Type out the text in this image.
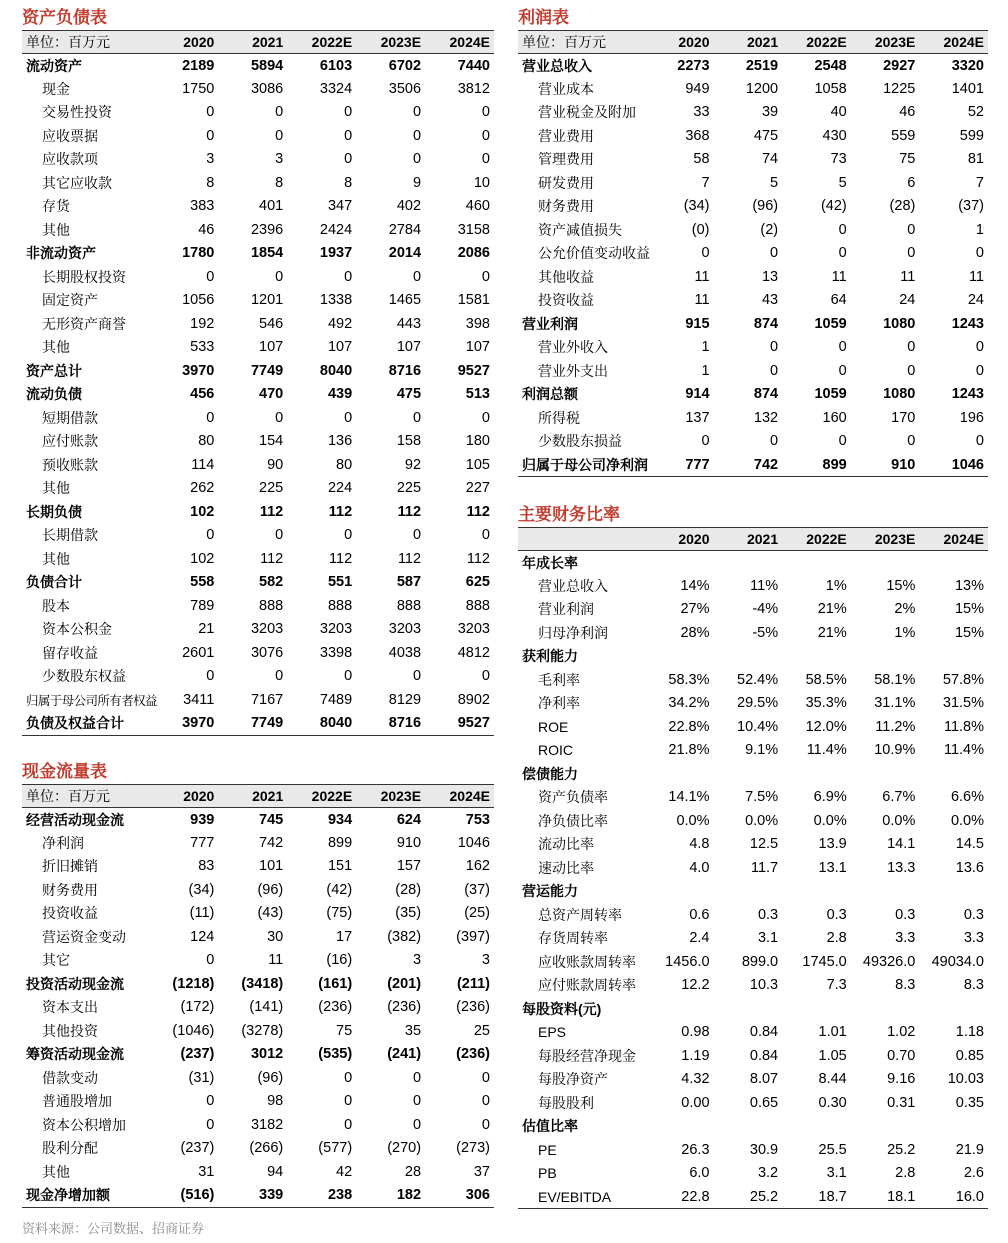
资产负债表
单位：百万元	2020	2021	2022E	2023E	2024E
流动资产	2189	5894	6103	6702	7440
现金	1750	3086	3324	3506	3812
交易性投资	0	0	0	0	0
应收票据	0	0	0	0	0
应收款项	3	3	0	0	0
其它应收款	8	8	8	9	10
存货	383	401	347	402	460
其他	46	2396	2424	2784	3158
非流动资产	1780	1854	1937	2014	2086
长期股权投资	0	0	0	0	0
固定资产	1056	1201	1338	1465	1581
无形资产商誉	192	546	492	443	398
其他	533	107	107	107	107
资产总计	3970	7749	8040	8716	9527
流动负债	456	470	439	475	513
短期借款	0	0	0	0	0
应付账款	80	154	136	158	180
预收账款	114	90	80	92	105
其他	262	225	224	225	227
长期负债	102	112	112	112	112
长期借款	0	0	0	0	0
其他	102	112	112	112	112
负债合计	558	582	551	587	625
股本	789	888	888	888	888
资本公积金	21	3203	3203	3203	3203
留存收益	2601	3076	3398	4038	4812
少数股东权益	0	0	0	0	0
归属于母公司所有者权益	3411	7167	7489	8129	8902
负债及权益合计	3970	7749	8040	8716	9527
现金流量表
单位：百万元	2020	2021	2022E	2023E	2024E
经营活动现金流	939	745	934	624	753
净利润	777	742	899	910	1046
折旧摊销	83	101	151	157	162
财务费用	(34)	(96)	(42)	(28)	(37)
投资收益	(11)	(43)	(75)	(35)	(25)
营运资金变动	124	30	17	(382)	(397)
其它	0	11	(16)	3	3
投资活动现金流	(1218)	(3418)	(161)	(201)	(211)
资本支出	(172)	(141)	(236)	(236)	(236)
其他投资	(1046)	(3278)	75	35	25
筹资活动现金流	(237)	3012	(535)	(241)	(236)
借款变动	(31)	(96)	0	0	0
普通股增加	0	98	0	0	0
资本公积增加	0	3182	0	0	0
股利分配	(237)	(266)	(577)	(270)	(273)
其他	31	94	42	28	37
现金净增加额	(516)	339	238	182	306
利润表
单位：百万元	2020	2021	2022E	2023E	2024E
营业总收入	2273	2519	2548	2927	3320
营业成本	949	1200	1058	1225	1401
营业税金及附加	33	39	40	46	52
营业费用	368	475	430	559	599
管理费用	58	74	73	75	81
研发费用	7	5	5	6	7
财务费用	(34)	(96)	(42)	(28)	(37)
资产减值损失	(0)	(2)	0	0	1
公允价值变动收益	0	0	0	0	0
其他收益	11	13	11	11	11
投资收益	11	43	64	24	24
营业利润	915	874	1059	1080	1243
营业外收入	1	0	0	0	0
营业外支出	1	0	0	0	0
利润总额	914	874	1059	1080	1243
所得税	137	132	160	170	196
少数股东损益	0	0	0	0	0
归属于母公司净利润	777	742	899	910	1046
主要财务比率
	2020	2021	2022E	2023E	2024E
年成长率					
营业总收入	14%	11%	1%	15%	13%
营业利润	27%	-4%	21%	2%	15%
归母净利润	28%	-5%	21%	1%	15%
获利能力					
毛利率	58.3%	52.4%	58.5%	58.1%	57.8%
净利率	34.2%	29.5%	35.3%	31.1%	31.5%
ROE	22.8%	10.4%	12.0%	11.2%	11.8%
ROIC	21.8%	9.1%	11.4%	10.9%	11.4%
偿债能力					
资产负债率	14.1%	7.5%	6.9%	6.7%	6.6%
净负债比率	0.0%	0.0%	0.0%	0.0%	0.0%
流动比率	4.8	12.5	13.9	14.1	14.5
速动比率	4.0	11.7	13.1	13.3	13.6
营运能力					
总资产周转率	0.6	0.3	0.3	0.3	0.3
存货周转率	2.4	3.1	2.8	3.3	3.3
应收账款周转率	1456.0	899.0	1745.0	49326.0	49034.0
应付账款周转率	12.2	10.3	7.3	8.3	8.3
每股资料(元)					
EPS	0.98	0.84	1.01	1.02	1.18
每股经营净现金	1.19	0.84	1.05	0.70	0.85
每股净资产	4.32	8.07	8.44	9.16	10.03
每股股利	0.00	0.65	0.30	0.31	0.35
估值比率					
PE	26.3	30.9	25.5	25.2	21.9
PB	6.0	3.2	3.1	2.8	2.6
EV/EBITDA	22.8	25.2	18.7	18.1	16.0
资料来源：公司数据、招商证券
